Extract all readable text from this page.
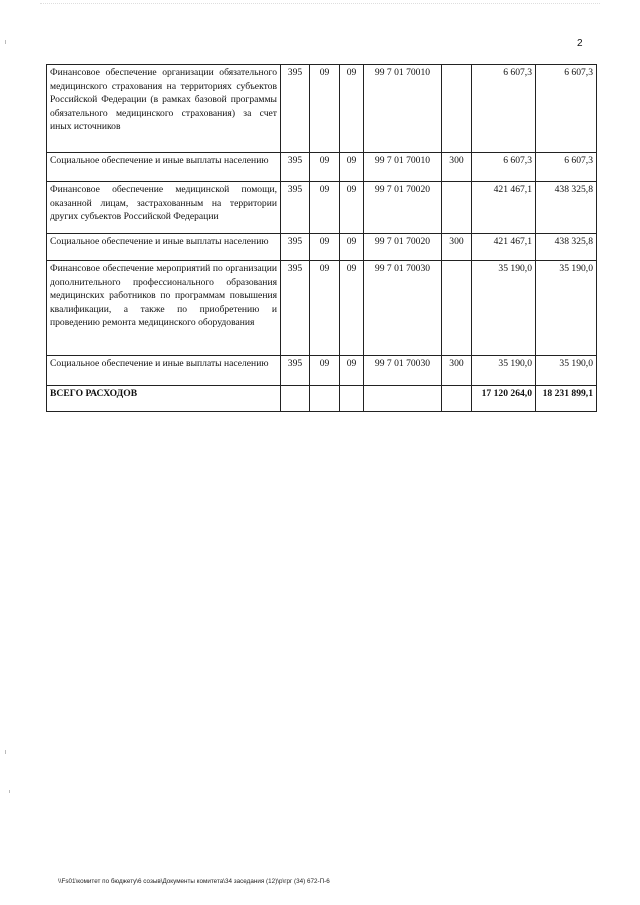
2
Финансовое обеспечение организации обязательного медицинского страхования на территориях субъектов Российской Федерации (в рамках базовой программы обязательного медицинского страхования) за счет иных источников	395	09	09	99 7 01 70010		6 607,3	6 607,3
Социальное обеспечение и иные выплаты населению	395	09	09	99 7 01 70010	300	6 607,3	6 607,3
Финансовое обеспечение медицинской помощи, оказанной лицам, застрахованным на территории других субъектов Российской Федерации	395	09	09	99 7 01 70020		421 467,1	438 325,8
Социальное обеспечение и иные выплаты населению	395	09	09	99 7 01 70020	300	421 467,1	438 325,8
Финансовое обеспечение мероприятий по организации дополнительного профессионального образования медицинских работников по программам повышения квалификации, а также по приобретению и проведению ремонта медицинского оборудования	395	09	09	99 7 01 70030		35 190,0	35 190,0
Социальное обеспечение и иные выплаты населению	395	09	09	99 7 01 70030	300	35 190,0	35 190,0
ВСЕГО РАСХОДОВ						17 120 264,0	18 231 899,1
\\Fs01\комитет по бюджету\6 созыв\Документы комитета\34 заседания (12)\p\грг (34) 672-П-6
